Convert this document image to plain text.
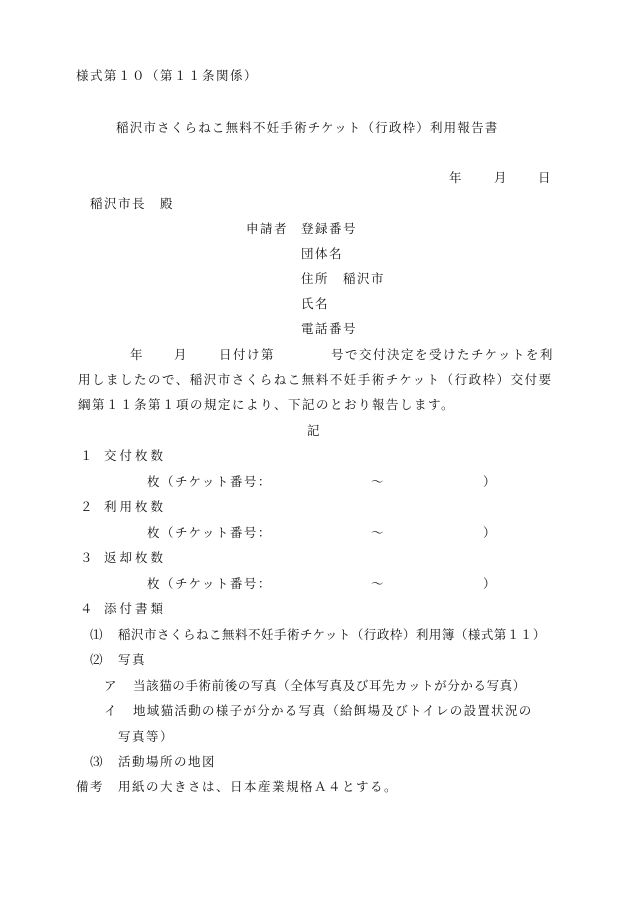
様式第１０（第１１条関係）
稲沢市さくらねこ無料不妊手術チケット（行政枠）利用報告書
年 月 日
稲沢市長　殿
申請者 登録番号
団体名
住所　稲沢市
氏名
電話番号
年 月 日付け第　　　　号で交付決定を受けたチケットを利
用しましたので、稲沢市さくらねこ無料不妊手術チケット（行政枠）交付要
綱第１１条第１項の規定により、下記のとおり報告します。
記
１ 交付枚数
枚（チケット番号：	～	）
２ 利用枚数
枚（チケット番号：	～	）
３ 返却枚数
枚（チケット番号：	～	）
４ 添付書類
⑴ 稲沢市さくらねこ無料不妊手術チケット（行政枠）利用簿（様式第１１）
⑵ 写真
ア 当該猫の手術前後の写真（全体写真及び耳先カットが分かる写真）
イ 地域猫活動の様子が分かる写真（給餌場及びトイレの設置状況の
写真等）
⑶ 活動場所の地図
備考 用紙の大きさは、日本産業規格Ａ４とする。
